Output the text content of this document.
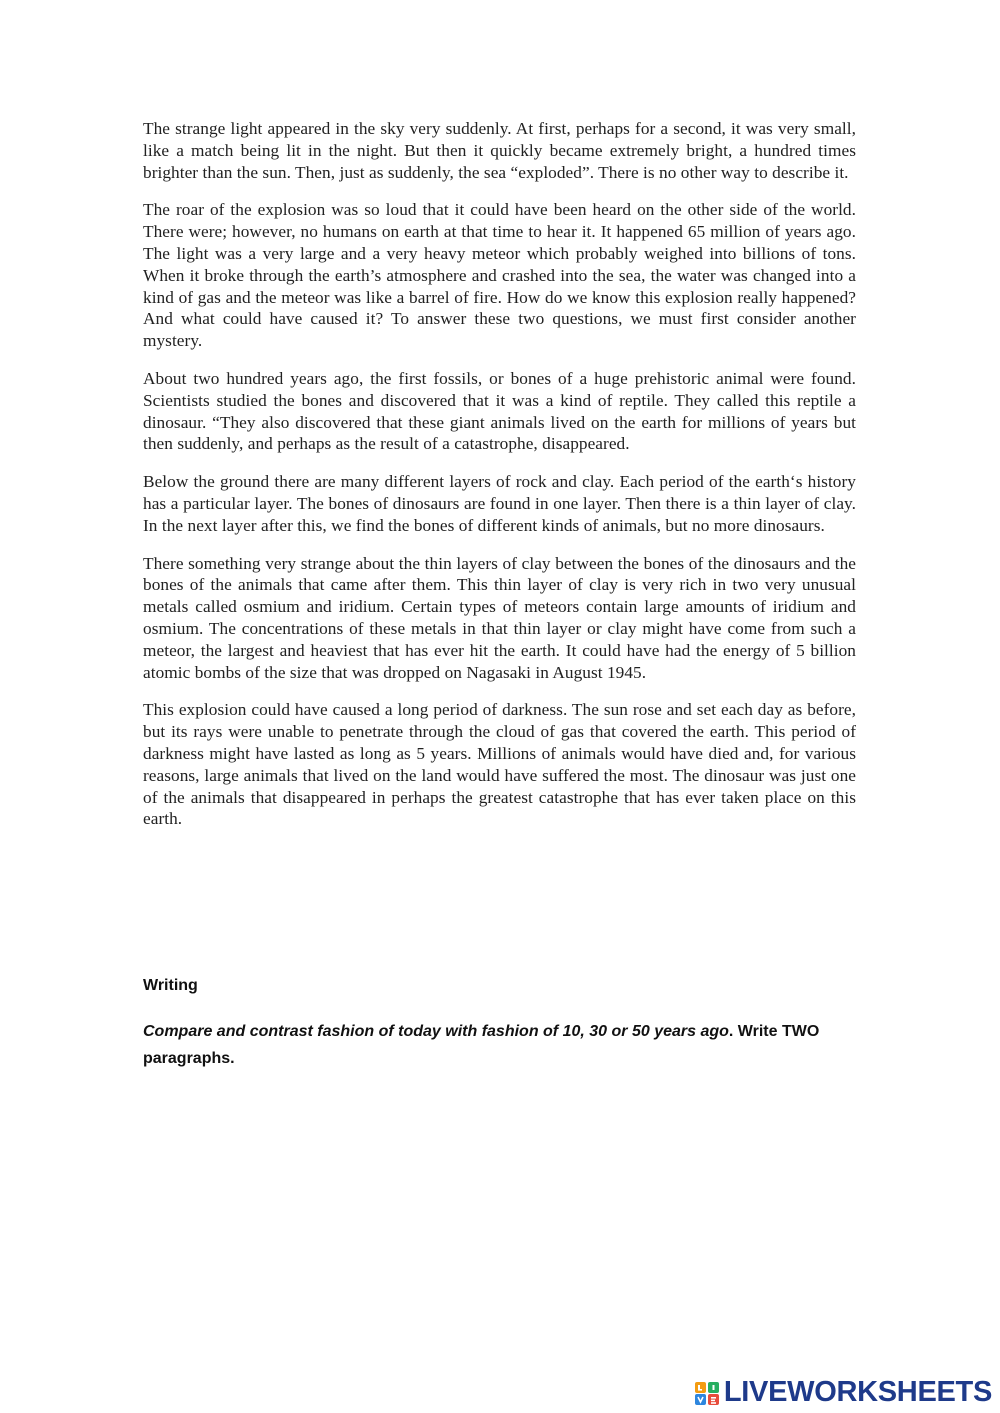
The strange light appeared in the sky very suddenly. At first, perhaps for a second, it was very small, like a match being lit in the night. But then it quickly became extremely bright, a hundred times brighter than the sun. Then, just as suddenly, the sea “exploded”. There is no other way to describe it.

The roar of the explosion was so loud that it could have been heard on the other side of the world. There were; however, no humans on earth at that time to hear it. It happened 65 million of years ago. The light was a very large and a very heavy meteor which probably weighed into billions of tons. When it broke through the earth’s atmosphere and crashed into the sea, the water was changed into a kind of gas and the meteor was like a barrel of fire. How do we know this explosion really happened? And what could have caused it? To answer these two questions, we must first consider another mystery.

About two hundred years ago, the first fossils, or bones of a huge prehistoric animal were found. Scientists studied the bones and discovered that it was a kind of reptile. They called this reptile a dinosaur. “They also discovered that these giant animals lived on the earth for millions of years but then suddenly, and perhaps as the result of a catastrophe, disappeared.

Below the ground there are many different layers of rock and clay. Each period of the earth‘s history has a particular layer. The bones of dinosaurs are found in one layer. Then there is a thin layer of clay. In the next layer after this, we find the bones of different kinds of animals, but no more dinosaurs.

There something very strange about the thin layers of clay between the bones of the dinosaurs and the bones of the animals that came after them. This thin layer of clay is very rich in two very unusual metals called osmium and iridium. Certain types of meteors contain large amounts of iridium and osmium. The concentrations of these metals in that thin layer or clay might have come from such a meteor, the largest and heaviest that has ever hit the earth. It could have had the energy of 5 billion atomic bombs of the size that was dropped on Nagasaki in August 1945.

This explosion could have caused a long period of darkness. The sun rose and set each day as before, but its rays were unable to penetrate through the cloud of gas that covered the earth. This period of darkness might have lasted as long as 5 years. Millions of animals would have died and, for various reasons, large animals that lived on the land would have suffered the most. The dinosaur was just one of the animals that disappeared in perhaps the greatest catastrophe that has ever taken place on this earth.

Writing

Compare and contrast fashion of today with fashion of 10, 30 or 50 years ago. Write TWO paragraphs.

LIVEWORKSHEETS
